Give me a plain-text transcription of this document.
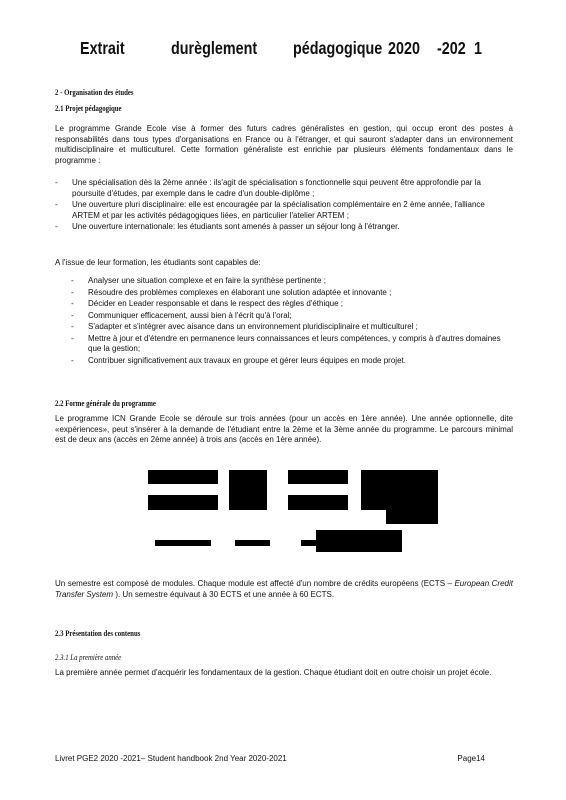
Extrait	durèglement pédagogique 2020 -202 1
2 - Organisation des études
2.1 Projet pédagogique
Le programme Grande Ecole vise à former des futurs cadres généralistes en gestion, qui occup eront des postes à responsabilités dans tous types d'organisations en France ou à l'étranger, et qui sauront s'adapter dans un environnement multidisciplinaire et multiculturel. Cette formation généraliste est enrichie par plusieurs éléments fondamentaux dans le programme :
- Une spécialisation dès la 2ème année : ils'agit de spécialisation s fonctionnelle squi peuvent être approfondie par la poursuite d'études, par exemple dans le cadre d'un double-diplôme ;
- Une ouverture pluri disciplinaire: elle est encouragée par la spécialisation complémentaire en 2 ème année, l'alliance ARTEM et par les activités pédagogiques liées, en particulier l'atelier ARTEM ;
- Une ouverture internationale: les étudiants sont amenés à passer un séjour long à l'étranger.
A l'issue de leur formation, les étudiants sont capables de:
- Analyser une situation complexe et en faire la synthèse pertinente ;
- Résoudre des problèmes complexes en élaborant une solution adaptée et innovante ;
- Décider en Leader responsable et dans le respect des règles d'éthique ;
- Communiquer efficacement, aussi bien à l'écrit qu'à l'oral;
- S'adapter et s'intégrer avec aisance dans un environnement pluridisciplinaire et multiculturel ;
- Mettre à jour et d'étendre en permanence leurs connaissances et leurs compétences, y compris à d'autres domaines que la gestion;
- Contribuer significativement aux travaux en groupe et gérer leurs équipes en mode projet.
2.2 Forme générale du programme
Le programme ICN Grande Ecole se déroule sur trois années (pour un accès en 1ère année). Une année optionnelle, dite «expériences», peut s'insérer à la demande de l'étudiant entre la 2ème et la 3ème année du programme. Le parcours minimal est de deux ans (accès en 2ème année) à trois ans (accès en 1ère année).
Un semestre est composé de modules. Chaque module est affecté d'un nombre de crédits européens (ECTS – European Credit Transfer System ). Un semestre équivaut à 30 ECTS et une année à 60 ECTS.
2.3 Présentation des contenus
2.3.1 La première année
La première année permet d'acquérir les fondamentaux de la gestion. Chaque étudiant doit en outre choisir un projet école.
Livret PGE2 2020 -2021– Student handbook 2nd Year 2020-2021	Page14
